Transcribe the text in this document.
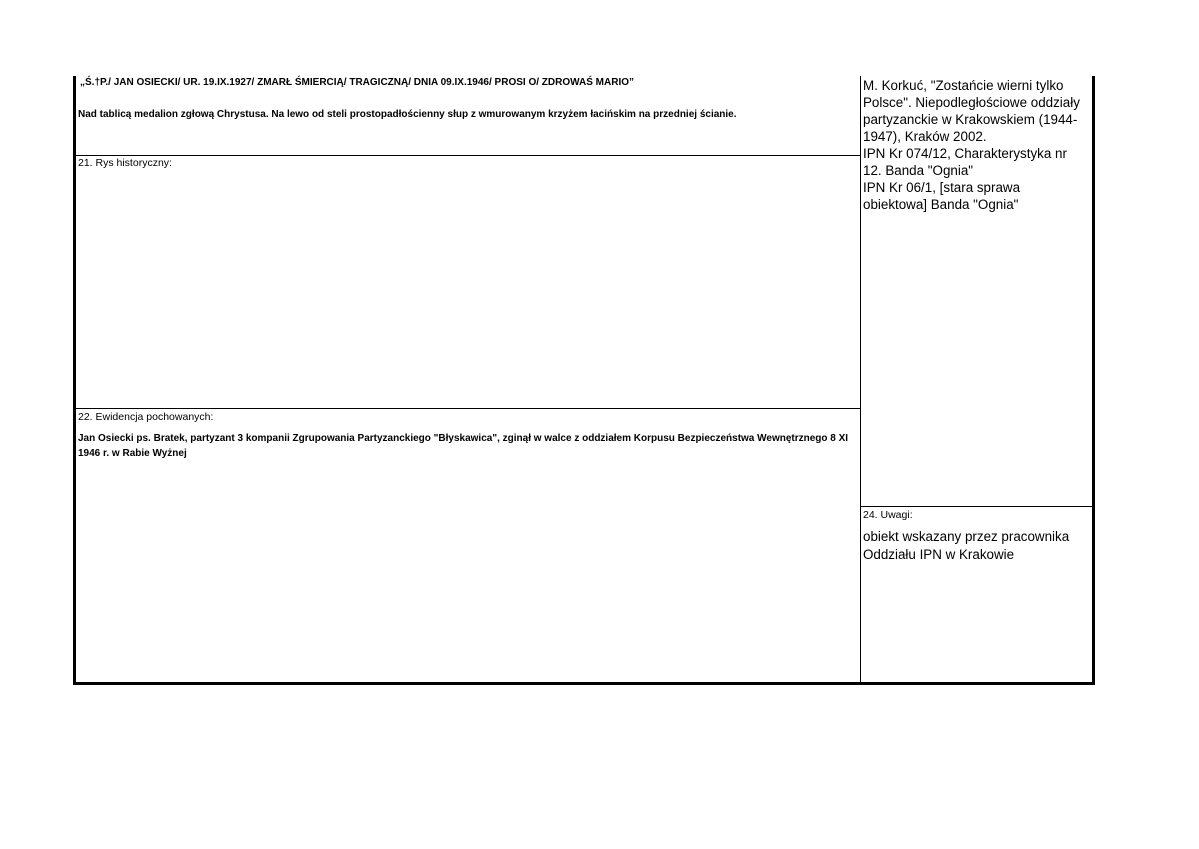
„Ś.†P./ JAN OSIECKI/ UR. 19.IX.1927/ ZMARŁ ŚMIERCIĄ/ TRAGICZNĄ/ DNIA 09.IX.1946/ PROSI O/ ZDROWAŚ MARIO”
Nad tablicą medalion zgłową Chrystusa. Na lewo od steli prostopadłościenny słup z wmurowanym krzyżem łacińskim na przedniej ścianie.
21. Rys historyczny:
22. Ewidencja pochowanych:
Jan Osiecki ps. Bratek, partyzant 3 kompanii Zgrupowania Partyzanckiego "Błyskawica", zginął w walce z oddziałem Korpusu Bezpieczeństwa Wewnętrznego 8 XI 1946 r. w Rabie Wyżnej
M. Korkuć, "Zostańcie wierni tylko
Polsce". Niepodległościowe oddziały
partyzanckie w Krakowskiem (1944-
1947), Kraków 2002.
IPN Kr 074/12, Charakterystyka nr
12. Banda "Ognia"
IPN Kr 06/1, [stara sprawa
obiektowa] Banda "Ognia"
24. Uwagi:
obiekt wskazany przez pracownika
Oddziału IPN w Krakowie
